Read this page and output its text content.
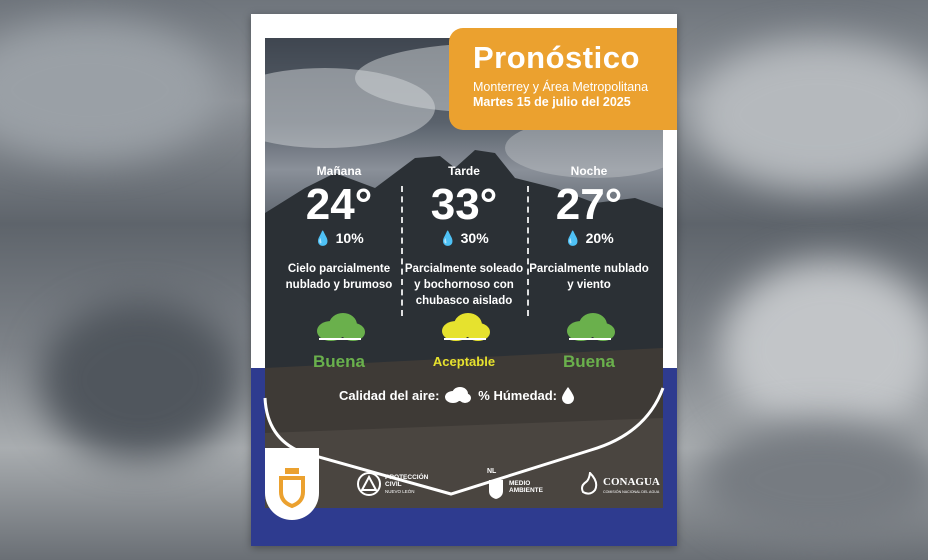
Pronóstico
Monterrey y Área Metropolitana
Martes 15 de julio del 2025
Mañana
24°
💧 10%
Cielo parcialmente nublado y brumoso
Buena
Tarde
33°
💧 30%
Parcialmente soleado y bochornoso con chubasco aislado
Aceptable
Noche
27°
💧 20%
Parcialmente nublado y viento
Buena
Calidad del aire:	% Húmedad:
PROTECCIÓN
CIVIL
NUEVO LEÓN
NL
MEDIO
AMBIENTE
CONAGUA
COMISIÓN NACIONAL DEL AGUA
